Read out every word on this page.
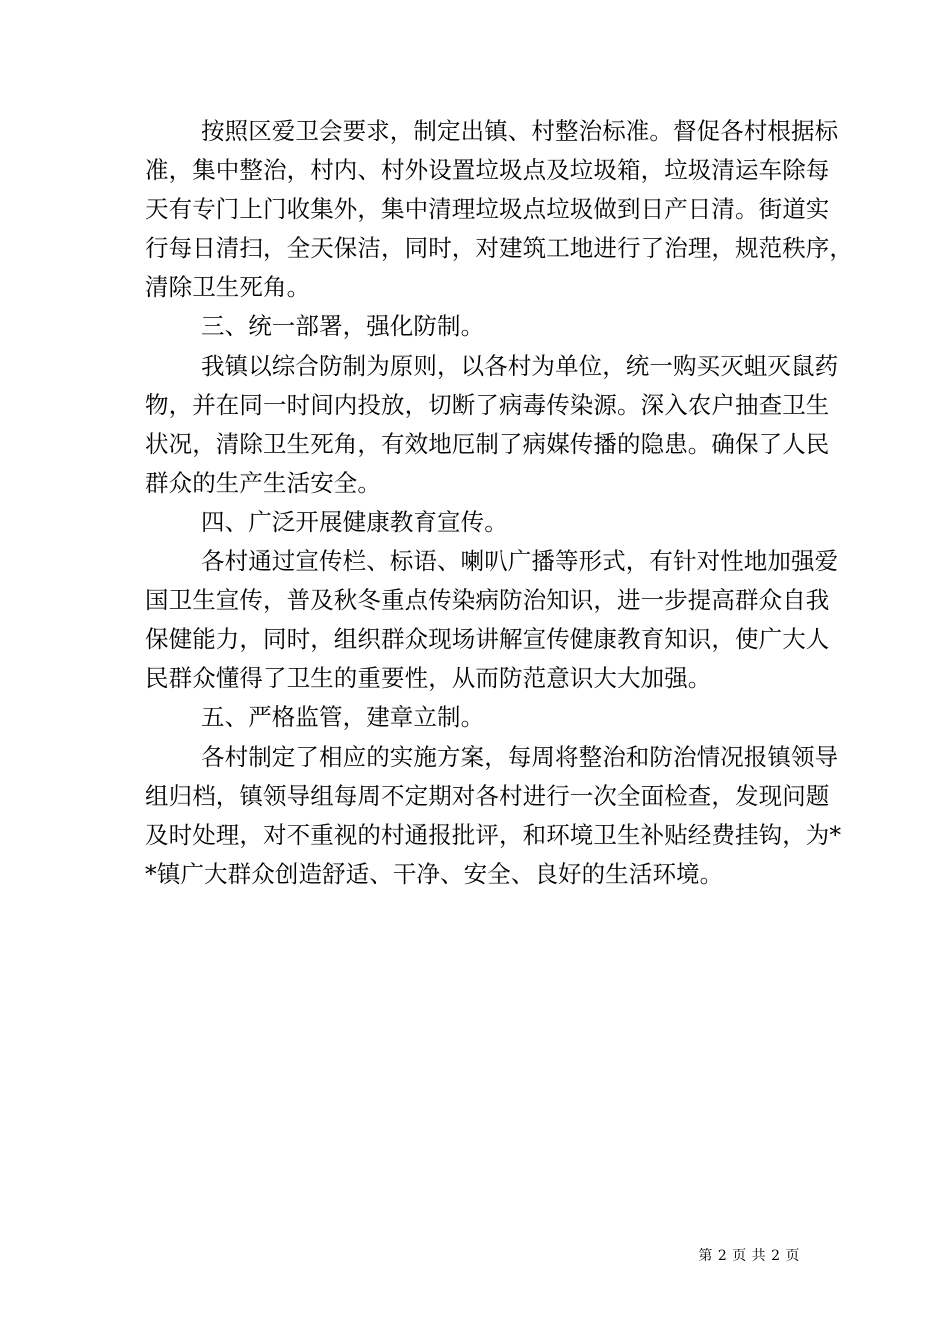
按照区爱卫会要求，制定出镇、村整治标准。督促各村根据标
准，集中整治，村内、村外设置垃圾点及垃圾箱，垃圾清运车除每
天有专门上门收集外，集中清理垃圾点垃圾做到日产日清。街道实
行每日清扫，全天保洁，同时，对建筑工地进行了治理，规范秩序，
清除卫生死角。
三、统一部署，强化防制。
我镇以综合防制为原则，以各村为单位，统一购买灭蛆灭鼠药
物，并在同一时间内投放，切断了病毒传染源。深入农户抽查卫生
状况，清除卫生死角，有效地厄制了病媒传播的隐患。确保了人民
群众的生产生活安全。
四、广泛开展健康教育宣传。
各村通过宣传栏、标语、喇叭广播等形式，有针对性地加强爱
国卫生宣传，普及秋冬重点传染病防治知识，进一步提高群众自我
保健能力，同时，组织群众现场讲解宣传健康教育知识，使广大人
民群众懂得了卫生的重要性，从而防范意识大大加强。
五、严格监管，建章立制。
各村制定了相应的实施方案，每周将整治和防治情况报镇领导
组归档，镇领导组每周不定期对各村进行一次全面检查，发现问题
及时处理，对不重视的村通报批评，和环境卫生补贴经费挂钩，为*
*镇广大群众创造舒适、干净、安全、良好的生活环境。
第 2 页 共 2 页
